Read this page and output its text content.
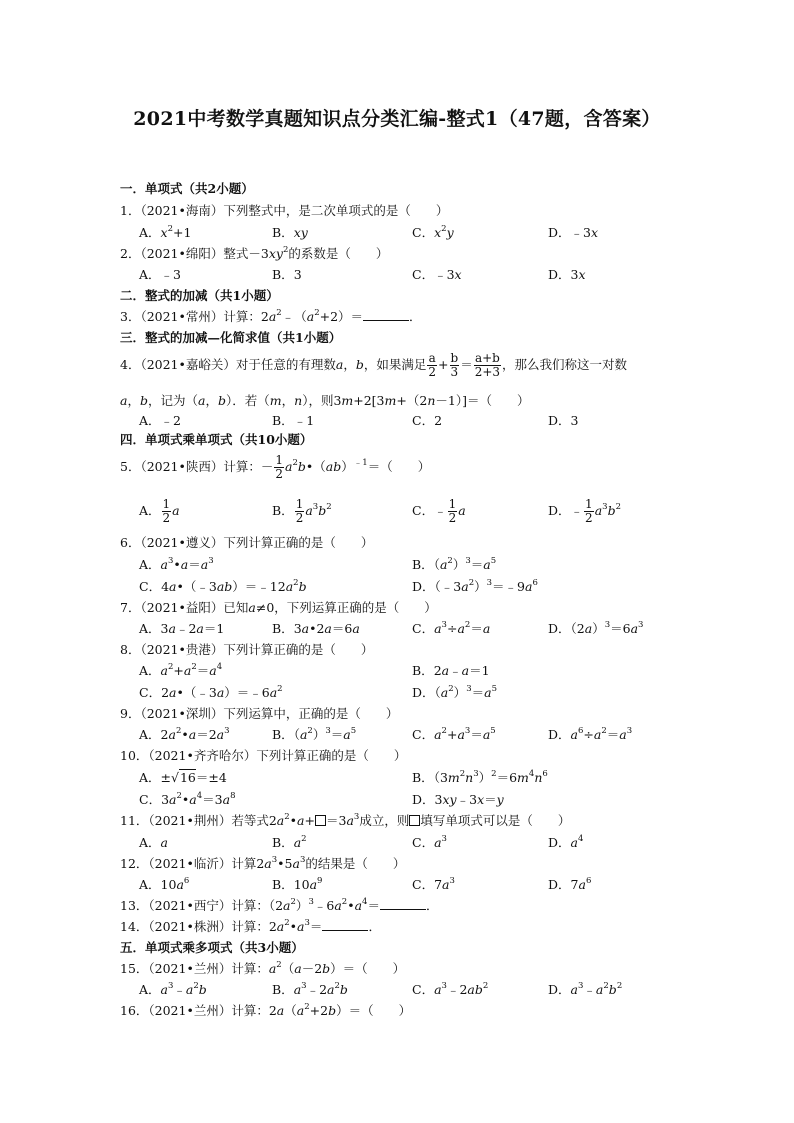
2021中考数学真题知识点分类汇编-整式1（47题，含答案）
一．单项式（共2小题）
1．（2021•海南）下列整式中，是二次单项式的是（　　）
A．$x^2+1$	B．xy	C．$x^2y$	D．﹣3x
2．（2021•绵阳）整式$-3xy^2$的系数是（　　）
A．﹣3	B．3	C．﹣3x	D．3x
二．整式的加减（共1小题）
3．（2021•常州）计算：$2a^2﹣(a^2+2)=$	．
三．整式的加减—化简求值（共1小题）
4．（2021•嘉峪关）对于任意的有理数a，b，如果满足 $\frac{a}{2} + \frac{b}{3} = \frac{a+b}{2+3}$ ，那么我们称这一对数
a，b，记为（a，b）．若（m，n），则3m+2[3m+（2n－1）]＝（　　）
A．﹣2	B．﹣1	C．2	D．3
四．单项式乘单项式（共10小题）
5．（2021•陕西）计算：－ $\frac{1}{2}$ $a^2b•(ab)^{﹣1}=$（　　）
A． $\frac{1}{2}$ a	B． $\frac{1}{2} a^3b^2$	C．﹣ $\frac{1}{2}$ a	D．﹣ $\frac{1}{2} a^3b^2$
6．（2021•遵义）下列计算正确的是（　　）
A．$a^3•a=a^3$	B．$(a^2)^3=a^5$
C．$4a•(﹣3ab)=﹣12a^2b$	D．$(﹣3a^2)^3=﹣9a^6$
7．（2021•益阳）已知a≠0，下列运算正确的是（　　）
A．3a﹣2a＝1	B．3a•2a＝6a	C．$a^3\div a^2=a$	D．$(2a)^3=6a^3$
8．（2021•贵港）下列计算正确的是（　　）
A．$a^2+a^2=a^4$	B．2a﹣a＝1
C．$2a•(﹣3a)=﹣6a^2$	D．$(a^2)^3=a^5$
9．（2021•深圳）下列运算中，正确的是（　　）
A．$2a^2•a=2a^3$	B．$(a^2)^3=a^5$	C．$a^2+a^3=a^5$	D．$a^6\div a^2=a^3$
10．（2021•齐齐哈尔）下列计算正确的是（　　）
A．±√16＝±4	B．$(3m^2n^3)^2=6m^4n^6$
C．$3a^2•a^4=3a^8$	D．3xy﹣3x＝y
11．（2021•荆州）若等式$2a^2•a+ =3a^3$成立，则 填写单项式可以是（　　）
A．a	B．$a^2$	C．$a^3$	D．$a^4$
12．（2021•临沂）计算$2a^3•5a^3$的结果是（　　）
A．$10a^6$	B．$10a^9$	C．$7a^3$	D．$7a^6$
13．（2021•西宁）计算：$(2a^2)^3﹣6a^2•a^4=$	．
14．（2021•株洲）计算：$2a^2•a^3=$	．
五．单项式乘多项式（共3小题）
15．（2021•兰州）计算：$a^2(a-2b)=$（　　）
A．$a^3﹣a^2b$	B．$a^3﹣2a^2b$	C．$a^3﹣2ab^2$	D．$a^3﹣a^2b^2$
16．（2021•兰州）计算：$2a(a^2+2b)=$（　　）
